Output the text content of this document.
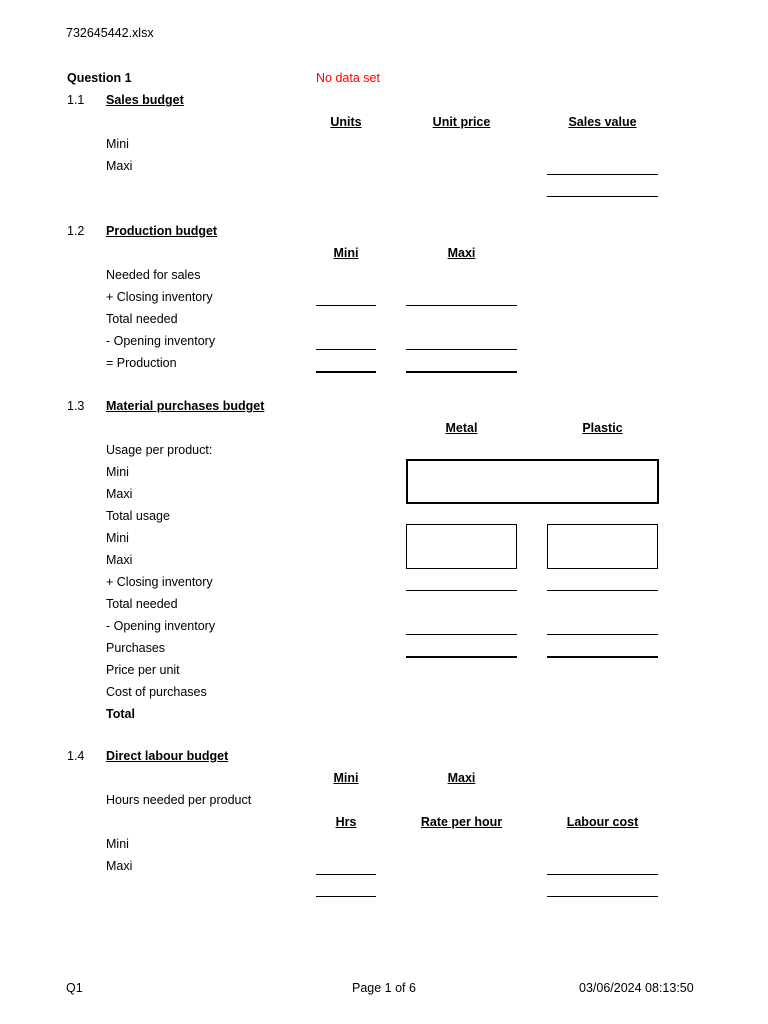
732645442.xlsx
Question 1	No data set
1.1 Sales budget
Units	Unit price	Sales value
Mini
Maxi
1.2 Production budget
Mini	Maxi
Needed for sales
+ Closing inventory
Total needed
- Opening inventory
= Production
1.3 Material purchases budget
Metal	Plastic
Usage per product:
Mini
Maxi
Total usage
Mini
Maxi
+ Closing inventory
Total needed
- Opening inventory
Purchases
Price per unit
Cost of purchases
Total
1.4 Direct labour budget
Mini	Maxi
Hours needed per product
Hrs	Rate per hour	Labour cost
Mini
Maxi
Q1	Page 1 of 6	03/06/2024 08:13:50
